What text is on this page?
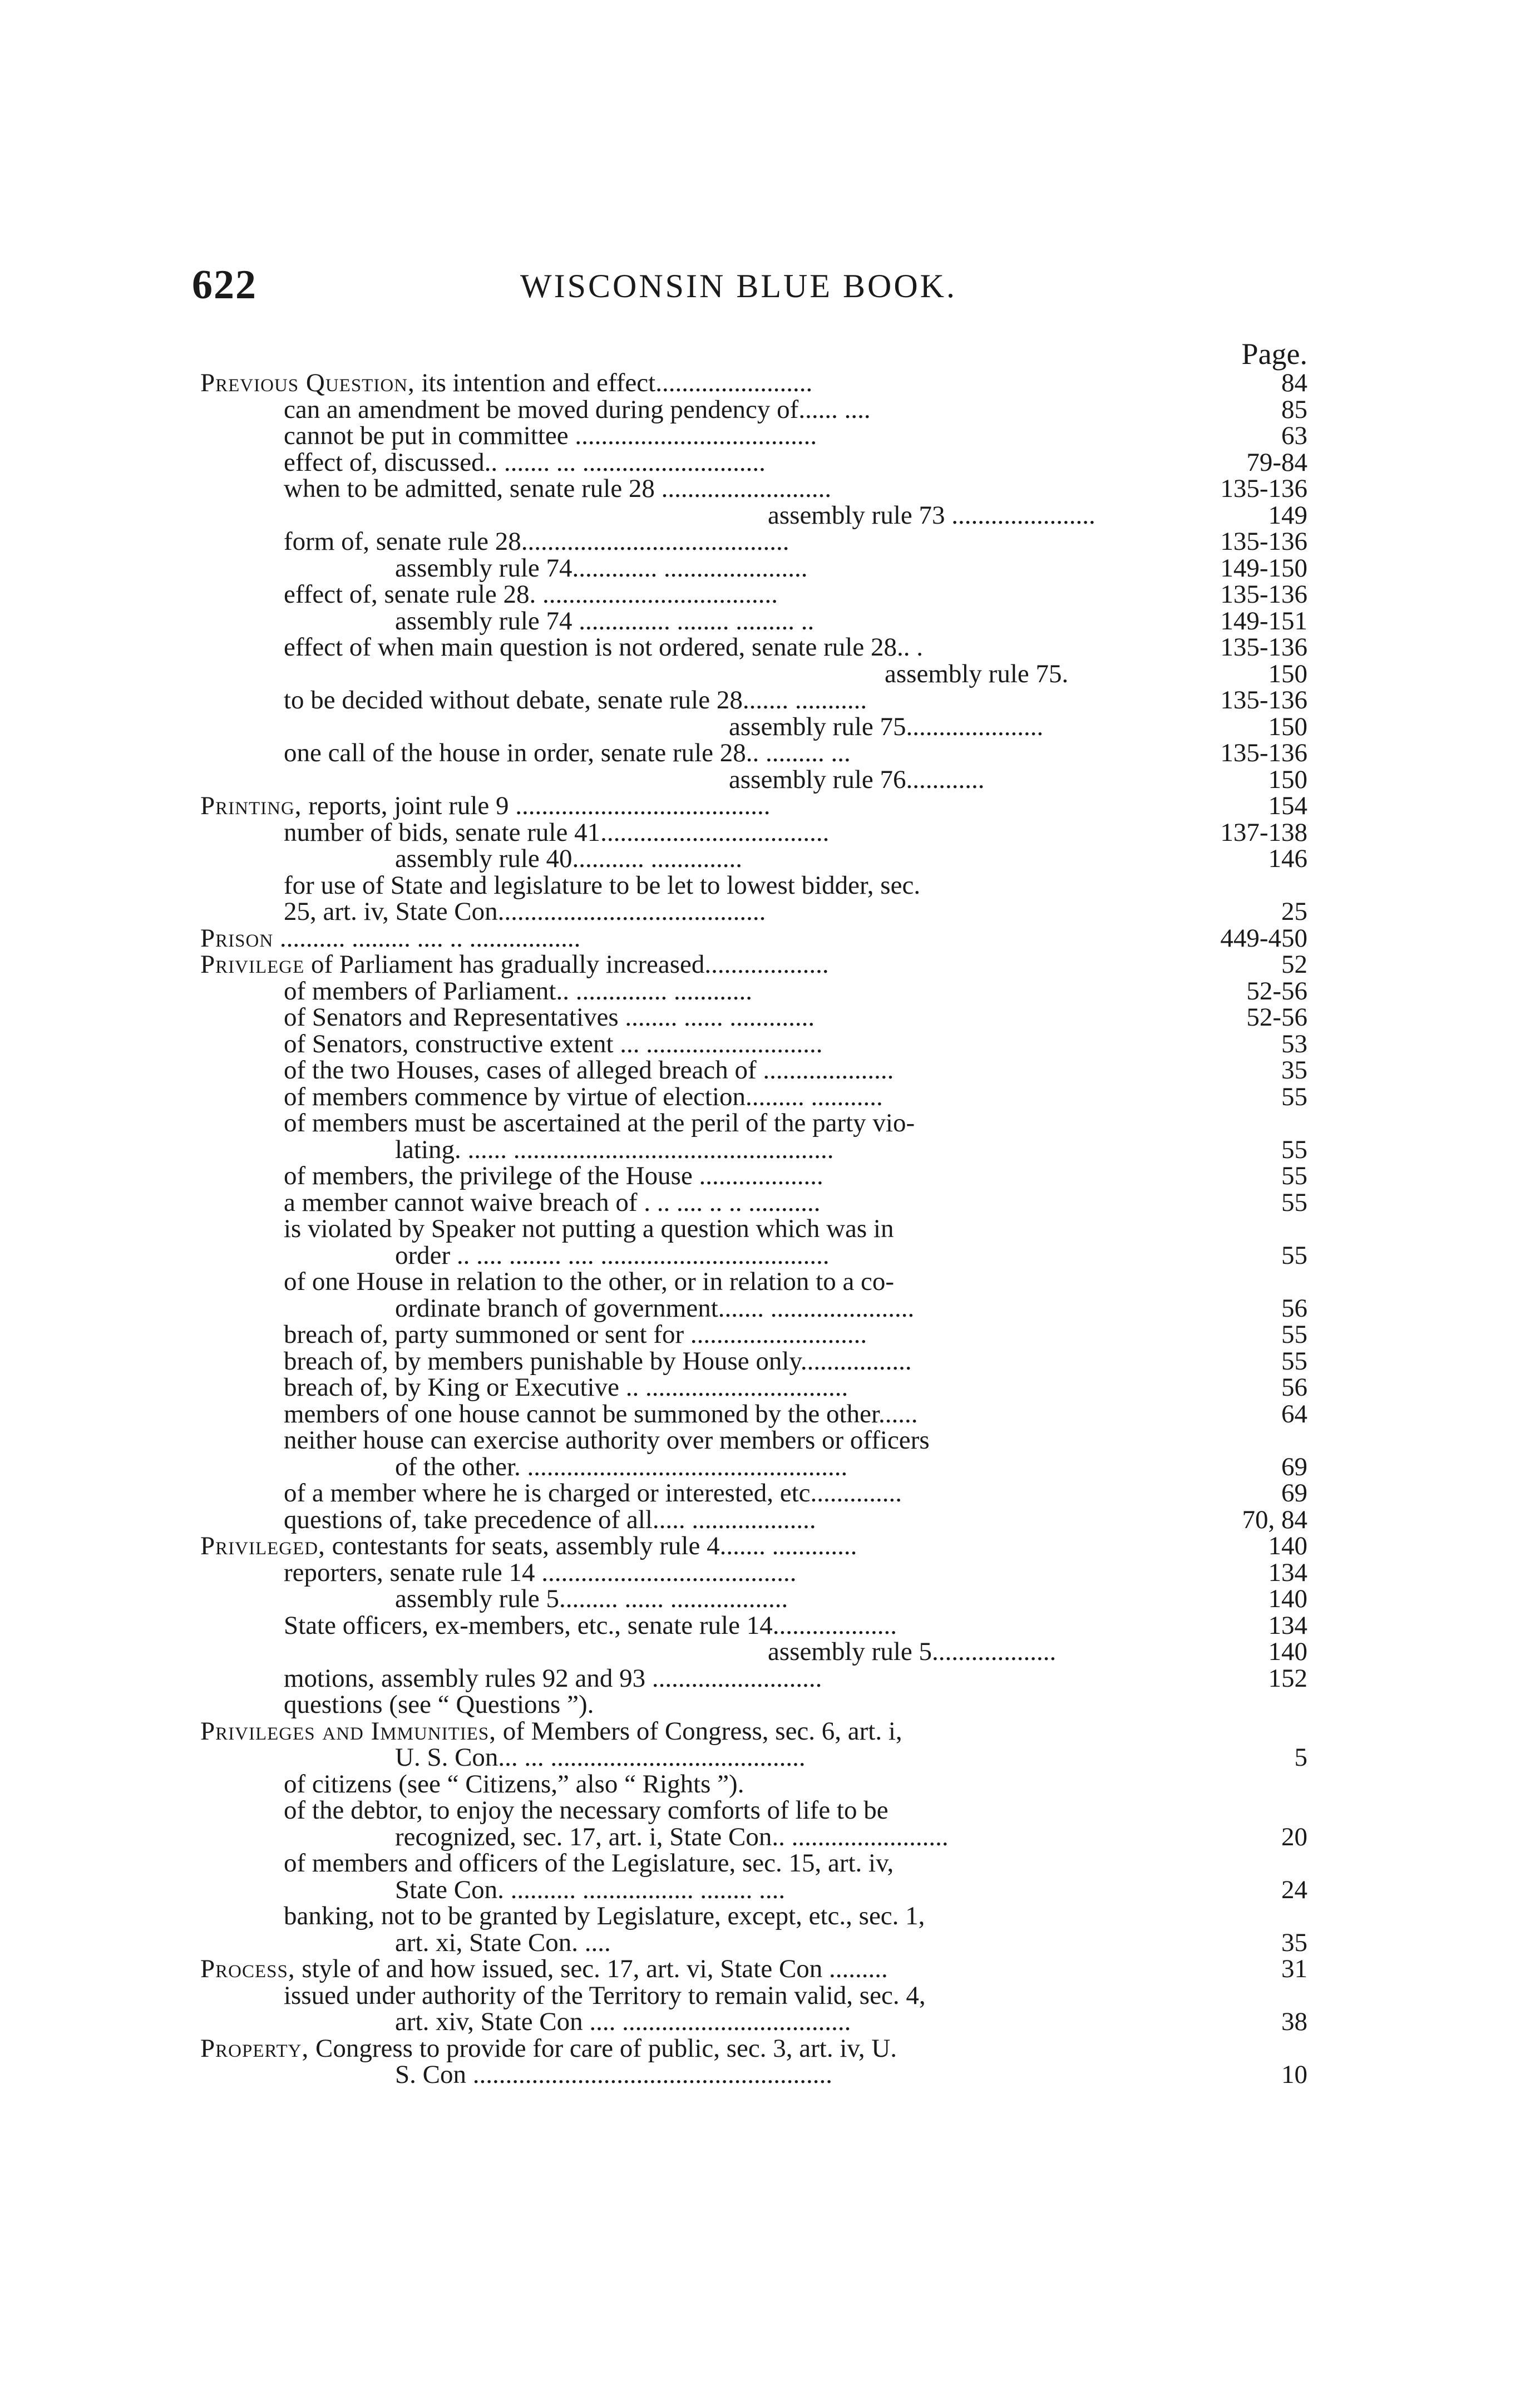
622	WISCONSIN BLUE BOOK.
Page.
Previous Question, its intention and effect........................	84
can an amendment be moved during pendency of...... ....	85
cannot be put in committee .....................................	63
effect of, discussed.. ....... ... ............................	79-84
when to be admitted, senate rule 28 ..........................	135-136
assembly rule 73 ......................	149
form of, senate rule 28.........................................	135-136
assembly rule 74............. ......................	149-150
effect of, senate rule 28. ....................................	135-136
assembly rule 74 .............. ........ ......... ..	149-151
effect of when main question is not ordered, senate rule 28.. .	135-136
assembly rule 75.	150
to be decided without debate, senate rule 28....... ...........	135-136
assembly rule 75.....................	150
one call of the house in order, senate rule 28.. ......... ...	135-136
assembly rule 76............	150
Printing, reports, joint rule 9 .......................................	154
number of bids, senate rule 41...................................	137-138
assembly rule 40........... ..............	146
for use of State and legislature to be let to lowest bidder, sec.
25, art. iv, State Con.........................................	25
Prison .......... ......... .... .. .................	449-450
Privilege of Parliament has gradually increased...................	52
of members of Parliament.. .............. ............	52-56
of Senators and Representatives ........ ...... .............	52-56
of Senators, constructive extent ... ...........................	53
of the two Houses, cases of alleged breach of ....................	35
of members commence by virtue of election......... ...........	55
of members must be ascertained at the peril of the party vio-
lating. ...... .................................................	55
of members, the privilege of the House ...................	55
a member cannot waive breach of . .. .... .. .. ...........	55
is violated by Speaker not putting a question which was in
order .. .... ........ .... ...................................	55
of one House in relation to the other, or in relation to a co-
ordinate branch of government....... ......................	56
breach of, party summoned or sent for ...........................	55
breach of, by members punishable by House only.................	55
breach of, by King or Executive .. ...............................	56
members of one house cannot be summoned by the other......	64
neither house can exercise authority over members or officers
of the other. .................................................	69
of a member where he is charged or interested, etc..............	69
questions of, take precedence of all..... ...................	70, 84
Privileged, contestants for seats, assembly rule 4....... .............	140
reporters, senate rule 14 .......................................	134
assembly rule 5......... ...... ..................	140
State officers, ex-members, etc., senate rule 14...................	134
assembly rule 5...................	140
motions, assembly rules 92 and 93 ..........................	152
questions (see “ Questions ”).
Privileges and Immunities, of Members of Congress, sec. 6, art. i,
U. S. Con... ... .......................................	5
of citizens (see “ Citizens,” also “ Rights ”).
of the debtor, to enjoy the necessary comforts of life to be
recognized, sec. 17, art. i, State Con.. ........................	20
of members and officers of the Legislature, sec. 15, art. iv,
State Con. .......... ................. ........ ....	24
banking, not to be granted by Legislature, except, etc., sec. 1,
art. xi, State Con. ....	35
Process, style of and how issued, sec. 17, art. vi, State Con .........	31
issued under authority of the Territory to remain valid, sec. 4,
art. xiv, State Con .... ...................................	38
Property, Congress to provide for care of public, sec. 3, art. iv, U.
S. Con .......................................................	10
